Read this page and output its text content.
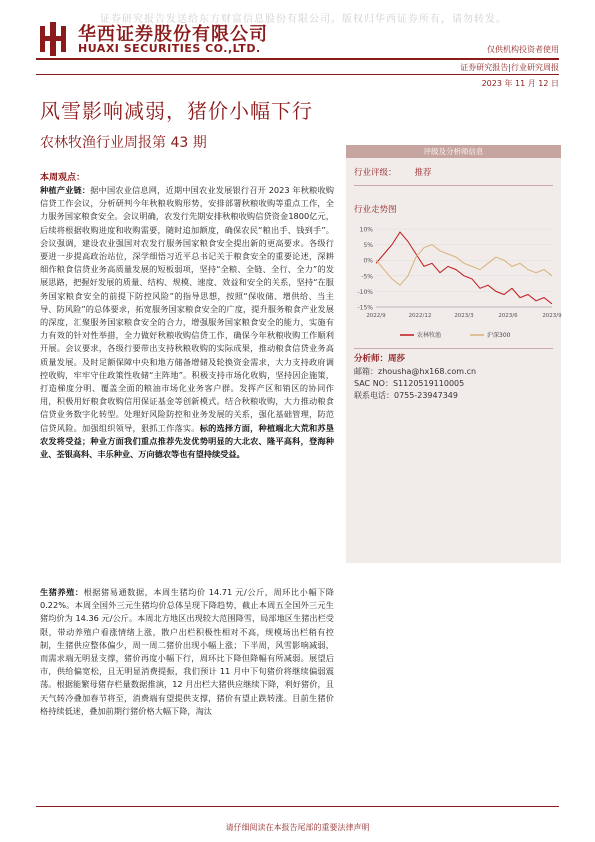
证券研究报告发送给东方财富信息股份有限公司。版权归华西证券所有，请勿转发。
华西证券股份有限公司
HUAXI SECURITIES CO.,LTD.	仅供机构投资者使用
证券研究报告|行业研究周报
2023 年 11 月 12 日
风雪影响减弱，猪价小幅下行
农林牧渔行业周报第 43 期
评级及分析师信息
行业评级： 推荐
行业走势图
10%
5%
0%
-5%
-10%
-15%
2022/9	2022/12	2023/3	2023/6	2023/9
农林牧渔	沪深300
分析师：周莎
邮箱：zhousha@hx168.com.cn
SAC NO：S1120519110005
联系电话：0755-23947349
本周观点：
种植产业链：据中国农业信息网，近期中国农业发展银行召开 2023 年秋粮收购信贷工作会议，分析研判今年秋粮收购形势，安排部署秋粮收购等重点工作，全力服务国家粮食安全。会议明确，农发行先期安排秋粮收购信贷资金1800亿元，后续将根据收购进度和收购需要，随时追加额度，确保农民“粮出手、钱到手”。会议强调，建设农业强国对农发行服务国家粮食安全提出新的更高要求。各级行要进一步提高政治站位，深学细悟习近平总书记关于粮食安全的重要论述，深耕细作粮食信贷业务高质量发展的短板弱项，坚持“全粮、全链、全行、全力”的发展思路，把握好发展的质量、结构、规模、速度、效益和安全的关系，坚持“在服务国家粮食安全的前提下防控风险”的指导思想，按照“保收储、增供给、当主导、防风险”的总体要求，拓宽服务国家粮食安全的广度，提升服务粮食产业发展的深度，汇聚服务国家粮食安全的合力，增强服务国家粮食安全的能力，实施有力有效的针对性举措，全力做好秋粮收购信贷工作，确保今年秋粮收购工作顺利开展。会议要求，各级行要带出支持秋粮收购的实际成果，推动粮食信贷业务高质量发展。及时足额保障中央和地方储备增储及轮换资金需求，大力支持政府调控收购，牢牢守住政策性收储“主阵地”。积极支持市场化收购，坚持因企施策，打造梯度分明、覆盖全面的粮油市场化业务客户群。发挥产区和销区的协同作用，积极用好粮食收购信用保证基金等创新模式。结合秋粮收购，大力推动粮食信贷业务数字化转型。处理好风险防控和业务发展的关系，强化基础管理，防范信贷风险。加强组织领导，狠抓工作落实。标的选择方面，种植端北大荒和苏垦农发将受益；种业方面我们重点推荐先发优势明显的大北农、隆平高科，登海种业、荃银高科、丰乐种业、万向德农等也有望持续受益。
生猪养殖：根据猪易通数据，本周生猪均价 14.71 元/公斤，周环比小幅下降 0.22%。本周全国外三元生猪均价总体呈现下降趋势，截止本周五全国外三元生猪均价为 14.36 元/公斤。本周北方地区出现较大范围降雪，局部地区生猪出栏受限，带动养殖户看涨情绪上涨，散户出栏积极性相对不高，规模场出栏稍有控制，生猪供应整体偏少，周一周二猪价出现小幅上涨；下半周，风雪影响减弱，而需求端无明显支撑，猪价再度小幅下行，周环比下降但降幅有所减弱。展望后市，供给偏宽松，且无明显消费提振，我们预计 11 月中下旬猪价将继续偏弱震荡。根据能繁母猪存栏量数据推演，12 月出栏大猪供应继续下降，利好猪价，且天气转冷叠加春节将至，消费端有望提供支撑，猪价有望止跌转涨。目前生猪价格持续低迷，叠加前期行猪价格大幅下降，淘汰
请仔细阅读在本报告尾部的重要法律声明
